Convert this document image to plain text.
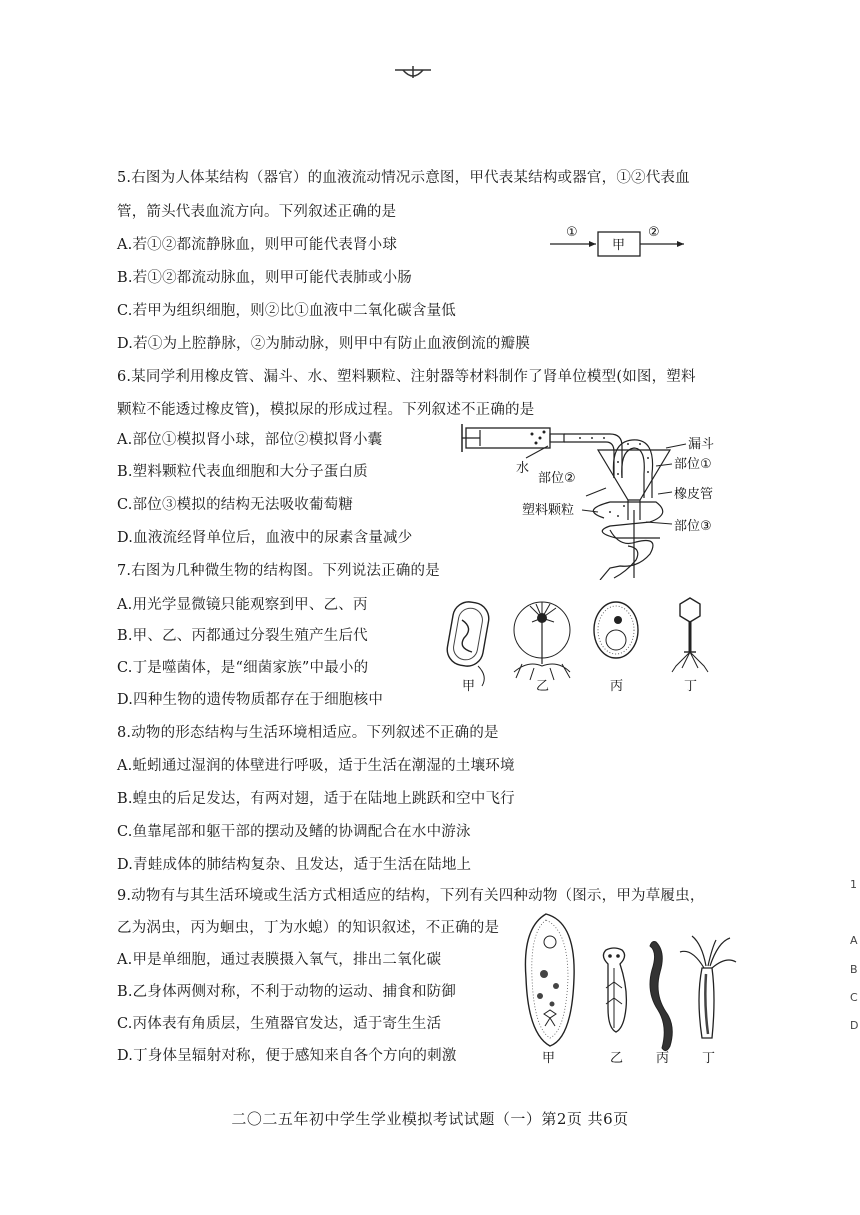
5.右图为人体某结构（器官）的血液流动情况示意图，甲代表某结构或器官，①②代表血
管，箭头代表血流方向。下列叙述正确的是
A.若①②都流静脉血，则甲可能代表肾小球
B.若①②都流动脉血，则甲可能代表肺或小肠
C.若甲为组织细胞，则②比①血液中二氧化碳含量低
D.若①为上腔静脉，②为肺动脉，则甲中有防止血液倒流的瓣膜
①
甲
②
6.某同学利用橡皮管、漏斗、水、塑料颗粒、注射器等材料制作了肾单位模型(如图，塑料
颗粒不能透过橡皮管)，模拟尿的形成过程。下列叙述不正确的是
A.部位①模拟肾小球，部位②模拟肾小囊
B.塑料颗粒代表血细胞和大分子蛋白质
C.部位③模拟的结构无法吸收葡萄糖
D.血液流经肾单位后，血液中的尿素含量减少
漏斗
部位①
水
部位②
橡皮管
塑料颗粒
部位③
7.右图为几种微生物的结构图。下列说法正确的是
A.用光学显微镜只能观察到甲、乙、丙
B.甲、乙、丙都通过分裂生殖产生后代
C.丁是噬菌体，是“细菌家族”中最小的
D.四种生物的遗传物质都存在于细胞核中
甲	乙	丙	丁
8.动物的形态结构与生活环境相适应。下列叙述不正确的是
A.蚯蚓通过湿润的体壁进行呼吸，适于生活在潮湿的土壤环境
B.蝗虫的后足发达，有两对翅，适于在陆地上跳跃和空中飞行
C.鱼靠尾部和躯干部的摆动及鳍的协调配合在水中游泳
D.青蛙成体的肺结构复杂、且发达，适于生活在陆地上
9.动物有与其生活环境或生活方式相适应的结构，下列有关四种动物（图示，甲为草履虫，
乙为涡虫，丙为蛔虫，丁为水螅）的知识叙述，不正确的是
A.甲是单细胞，通过表膜摄入氧气，排出二氧化碳
B.乙身体两侧对称，不利于动物的运动、捕食和防御
C.丙体表有角质层，生殖器官发达，适于寄生生活
D.丁身体呈辐射对称，便于感知来自各个方向的刺激	甲	乙	丙	丁
二〇二五年初中学生学业模拟考试试题（一）第2页 共6页
1
A
B
C
D
